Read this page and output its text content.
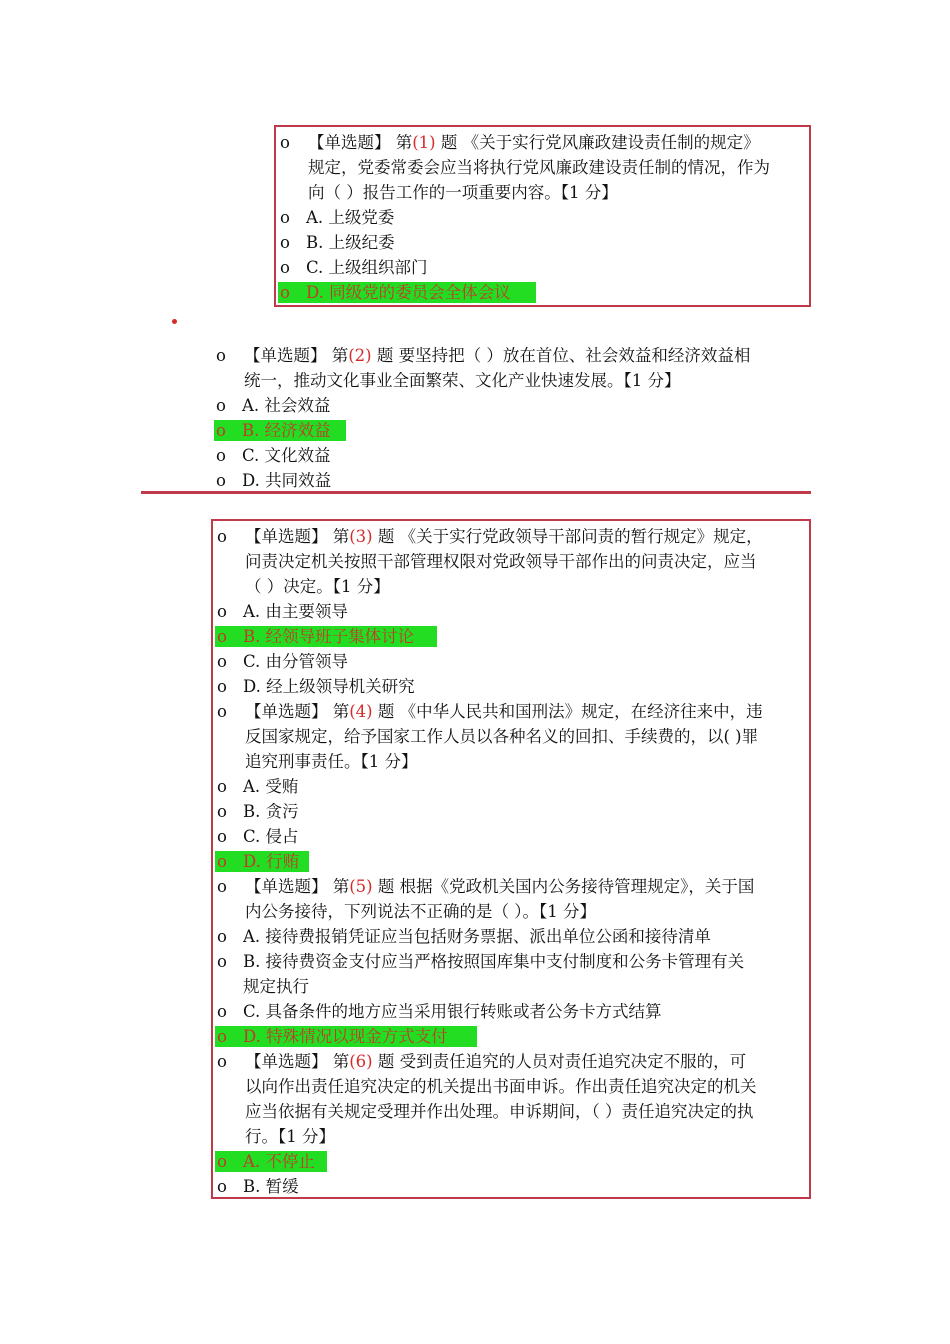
o 【单选题】 第(1) 题 《关于实行党风廉政建设责任制的规定》
规定，党委常委会应当将执行党风廉政建设责任制的情况，作为
向（ ）报告工作的一项重要内容。【1 分】
o A. 上级党委
o B. 上级纪委
o C. 上级组织部门
o D. 同级党的委员会全体会议
o 【单选题】 第(2) 题 要坚持把（ ）放在首位、社会效益和经济效益相
统一，推动文化事业全面繁荣、文化产业快速发展。【1 分】
o A. 社会效益
o B. 经济效益
o C. 文化效益
o D. 共同效益
o 【单选题】 第(3) 题 《关于实行党政领导干部问责的暂行规定》规定，
问责决定机关按照干部管理权限对党政领导干部作出的问责决定，应当
（ ）决定。【1 分】
o A. 由主要领导
o B. 经领导班子集体讨论
o C. 由分管领导
o D. 经上级领导机关研究
o 【单选题】 第(4) 题 《中华人民共和国刑法》规定，在经济往来中，违
反国家规定，给予国家工作人员以各种名义的回扣、手续费的，以( )罪
追究刑事责任。【1 分】
o A. 受贿
o B. 贪污
o C. 侵占
o D. 行贿
o 【单选题】 第(5) 题 根据《党政机关国内公务接待管理规定》，关于国
内公务接待，下列说法不正确的是（ ）。【1 分】
o A. 接待费报销凭证应当包括财务票据、派出单位公函和接待清单
o B. 接待费资金支付应当严格按照国库集中支付制度和公务卡管理有关
规定执行
o C. 具备条件的地方应当采用银行转账或者公务卡方式结算
o D. 特殊情况以现金方式支付
o 【单选题】 第(6) 题 受到责任追究的人员对责任追究决定不服的，可
以向作出责任追究决定的机关提出书面申诉。作出责任追究决定的机关
应当依据有关规定受理并作出处理。申诉期间，（ ）责任追究决定的执
行。【1 分】
o A. 不停止
o B. 暂缓
